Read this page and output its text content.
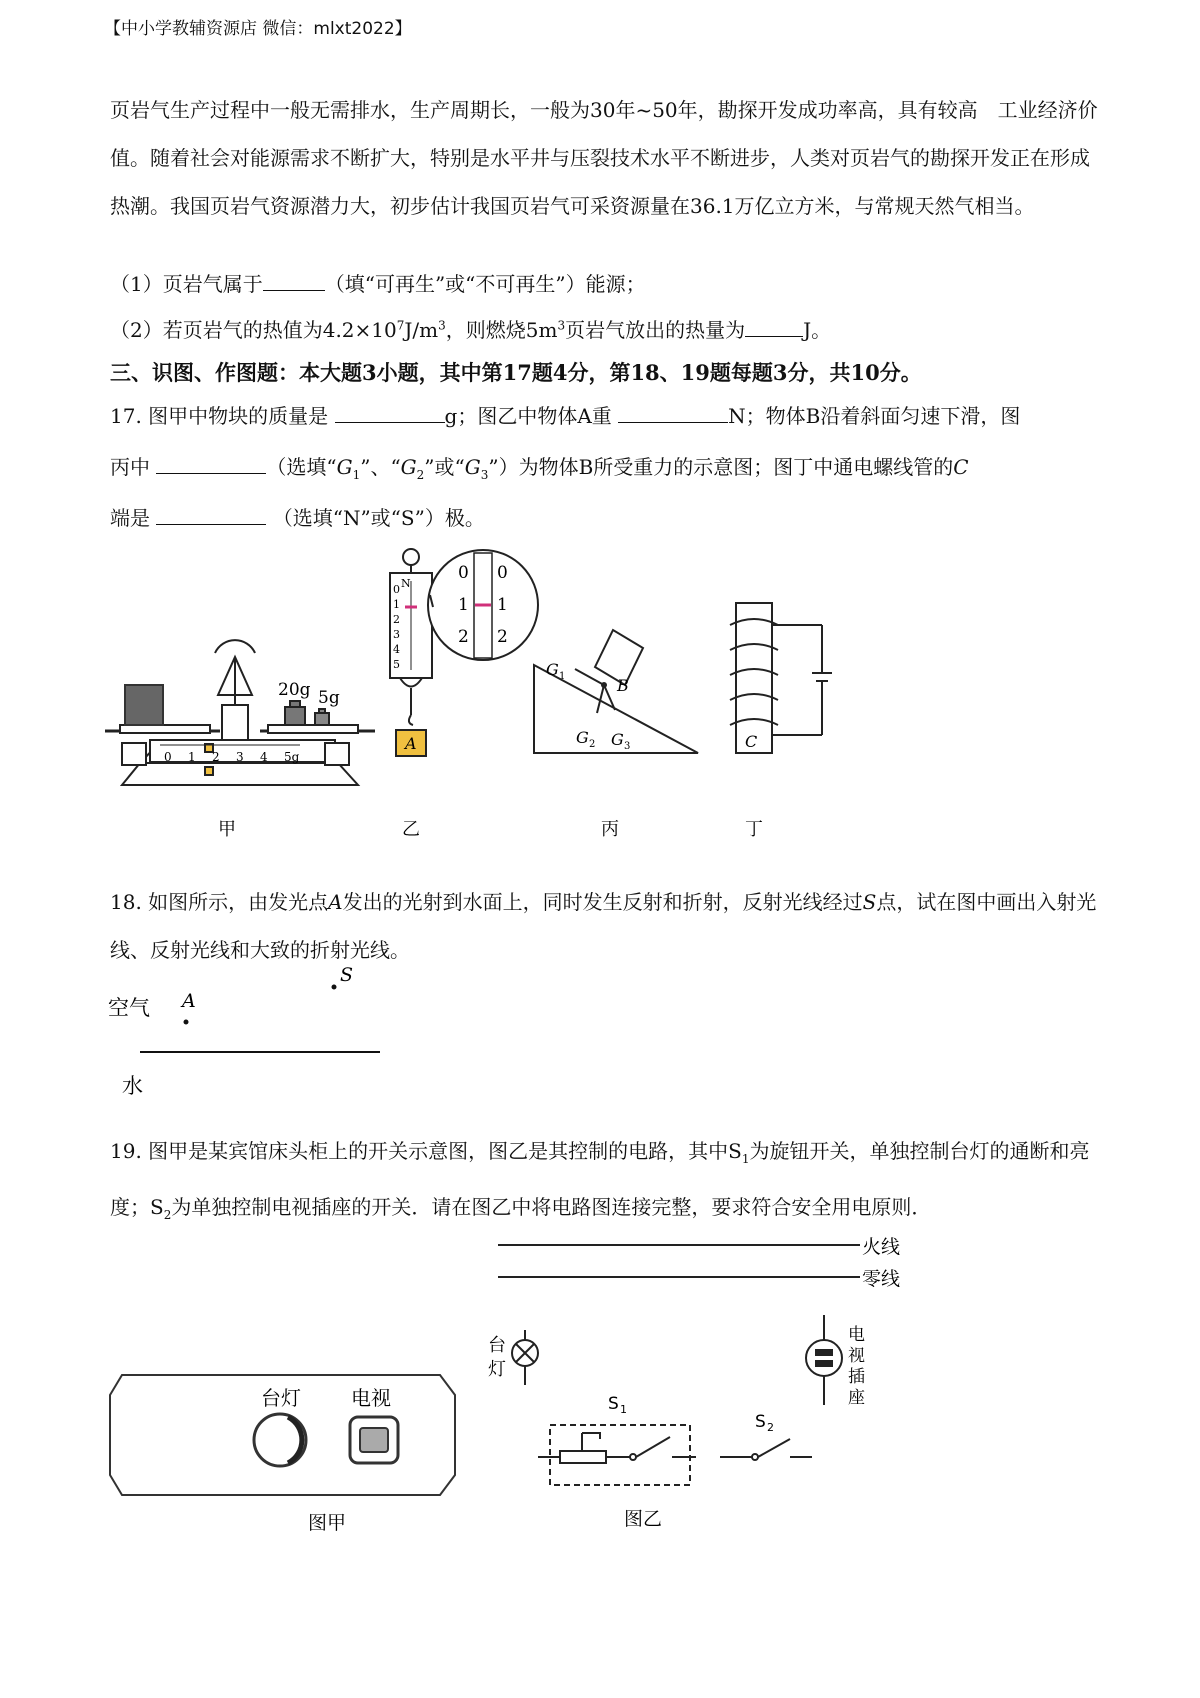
【中小学教辅资源店 微信：mlxt2022】
页岩气生产过程中一般无需排水，生产周期长，一般为30年~50年，勘探开发成功率高，具有较高　工业经济价值。随着社会对能源需求不断扩大，特别是水平井与压裂技术水平不断进步，人类对页岩气的勘探开发正在形成热潮。我国页岩气资源潜力大，初步估计我国页岩气可采资源量在36.1万亿立方米，与常规天然气相当。
（1）页岩气属于	（填“可再生”或“不可再生”）能源；
（2）若页岩气的热值为$4.2\times 10^7J/m^3$，则燃烧$5m^3$页岩气放出的热量为	J。
三、识图、作图题：本大题3小题，其中第17题4分，第18、19题每题3分，共10分。
17. 图甲中物块的质量是	g；图乙中物体A重	N；物体B沿着斜面匀速下滑，图
丙中	（选填“$G_1$”、“$G_2$”或“$G_3$”）为物体B所受重力的示意图；图丁中通电螺线管的C
端是	（选填“N”或“S”）极。
0 1 2 3 4 5g
20g 5g
甲
N
0
1
2
3
4
5
0
1
2
0
1
2
A
乙
G 1
G 2 G 3
B
丙
C
丁
18. 如图所示，由发光点A发出的光射到水面上，同时发生反射和折射，反射光线经过S点，试在图中画出入射光线、反射光线和大致的折射光线。
空气 A
S
水
19. 图甲是某宾馆床头柜上的开关示意图，图乙是其控制的电路，其中$S_1$为旋钮开关，单独控制台灯的通断和亮度；$S_2$为单独控制电视插座的开关．请在图乙中将电路图连接完整，要求符合安全用电原则．
台灯	电视
图甲
火线
零线
台
灯
S 1
S 2
电
视
插
座
图乙
